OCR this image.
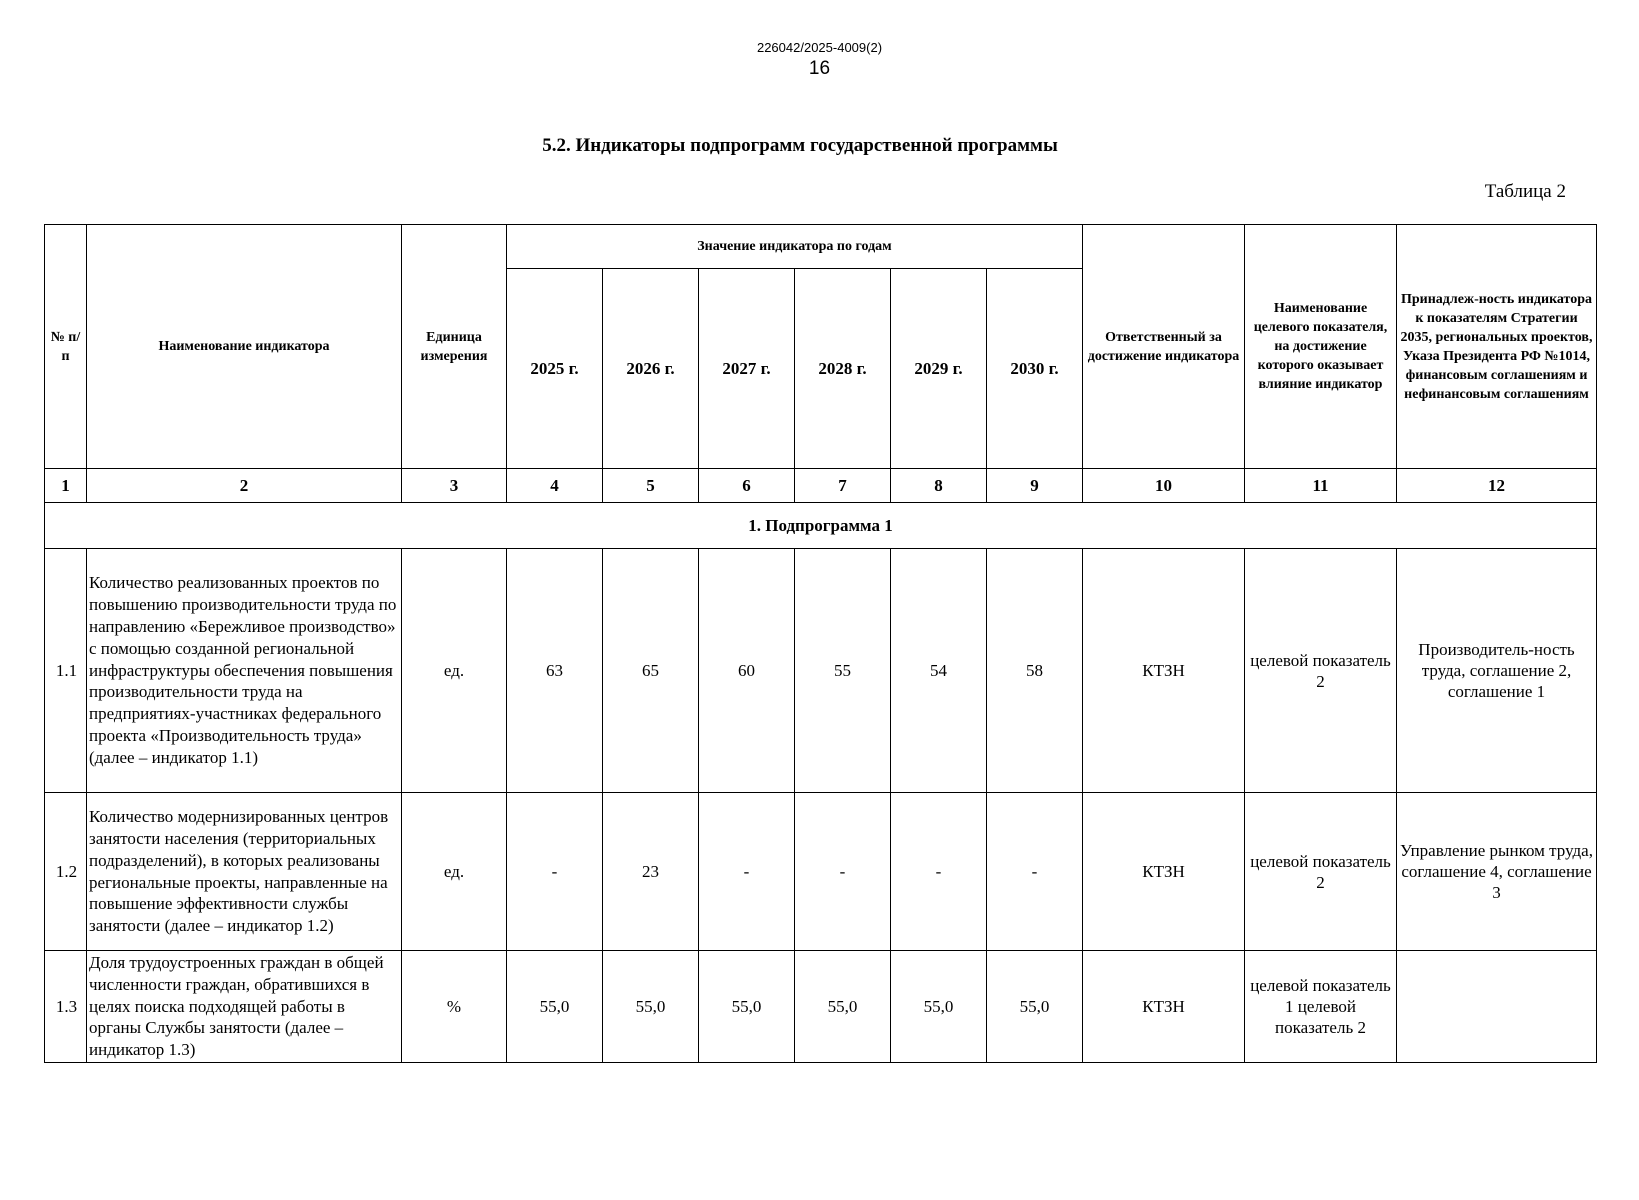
226042/2025-4009(2)
16
5.2. Индикаторы подпрограмм государственной программы
Таблица 2
№ п/п	Наименование индикатора	Единица измерения	Значение индикатора по годам						Ответственный за достижение индикатора	Наименование целевого показателя, на достижение которого оказывает влияние индикатор	Принадлеж-ность индикатора к показателям Стратегии 2035, региональных проектов, Указа Президента РФ №1014, финансовым соглашениям и нефинансовым соглашениям
			2025 г.	2026 г.	2027 г.	2028 г.	2029 г.	2030 г.			
1	2	3	4	5	6	7	8	9	10	11	12
1. Подпрограмма 1											
1.1	Количество реализованных проектов по повышению производительности труда по направлению «Бережливое производство» с помощью созданной региональной инфраструктуры обеспечения повышения производительности труда на предприятиях-участниках федерального проекта «Производительность труда» (далее – индикатор 1.1)	ед.	63	65	60	55	54	58	КТЗН	целевой показатель 2	Производитель-ность труда, соглашение 2, соглашение 1
1.2	Количество модернизированных центров занятости населения (территориальных подразделений), в которых реализованы региональные проекты, направленные на повышение эффективности службы занятости (далее – индикатор 1.2)	ед.	-	23	-	-	-	-	КТЗН	целевой показатель 2	Управление рынком труда, соглашение 4, соглашение 3
1.3	Доля трудоустроенных граждан в общей численности граждан, обратившихся в целях поиска подходящей работы в органы Службы занятости (далее – индикатор 1.3)	%	55,0	55,0	55,0	55,0	55,0	55,0	КТЗН	целевой показатель 1 целевой показатель 2	
